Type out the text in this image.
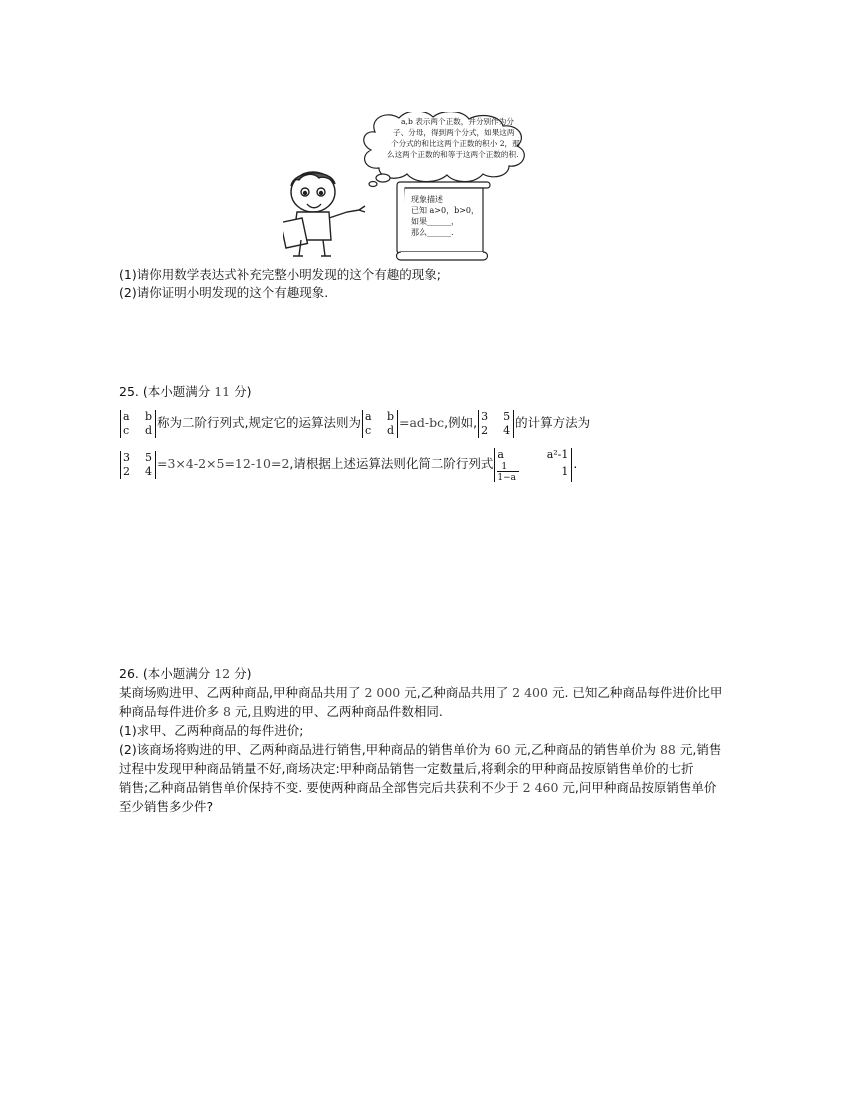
a,b 表示两个正数，并分别作为分
子、分母，得到两个分式，如果这两
个分式的和比这两个正数的积小 2，那
么这两个正数的和等于这两个正数的积.
现象描述
已知 a>0，b>0，
如果______，
那么______.
(1)请你用数学表达式补充完整小明发现的这个有趣的现象;
(2)请你证明小明发现的这个有趣现象.
25. (本小题满分 11 分)
a b
c d 称为二阶行列式,规定它的运算法则为 a b
c d =ad-bc,例如, 3 5
2 4 的计算方法为
3 5
2 4 =3×4-2×5=12-10=2,请根据上述运算法则化简二阶行列式
a	a²-1
1
1−a	1 .
26. (本小题满分 12 分)
某商场购进甲、乙两种商品,甲种商品共用了 2 000 元,乙种商品共用了 2 400 元. 已知乙种商品每件进价比甲
种商品每件进价多 8 元,且购进的甲、乙两种商品件数相同.
(1)求甲、乙两种商品的每件进价;
(2)该商场将购进的甲、乙两种商品进行销售,甲种商品的销售单价为 60 元,乙种商品的销售单价为 88 元,销售
过程中发现甲种商品销量不好,商场决定:甲种商品销售一定数量后,将剩余的甲种商品按原销售单价的七折
销售;乙种商品销售单价保持不变. 要使两种商品全部售完后共获利不少于 2 460 元,问甲种商品按原销售单价
至少销售多少件?
